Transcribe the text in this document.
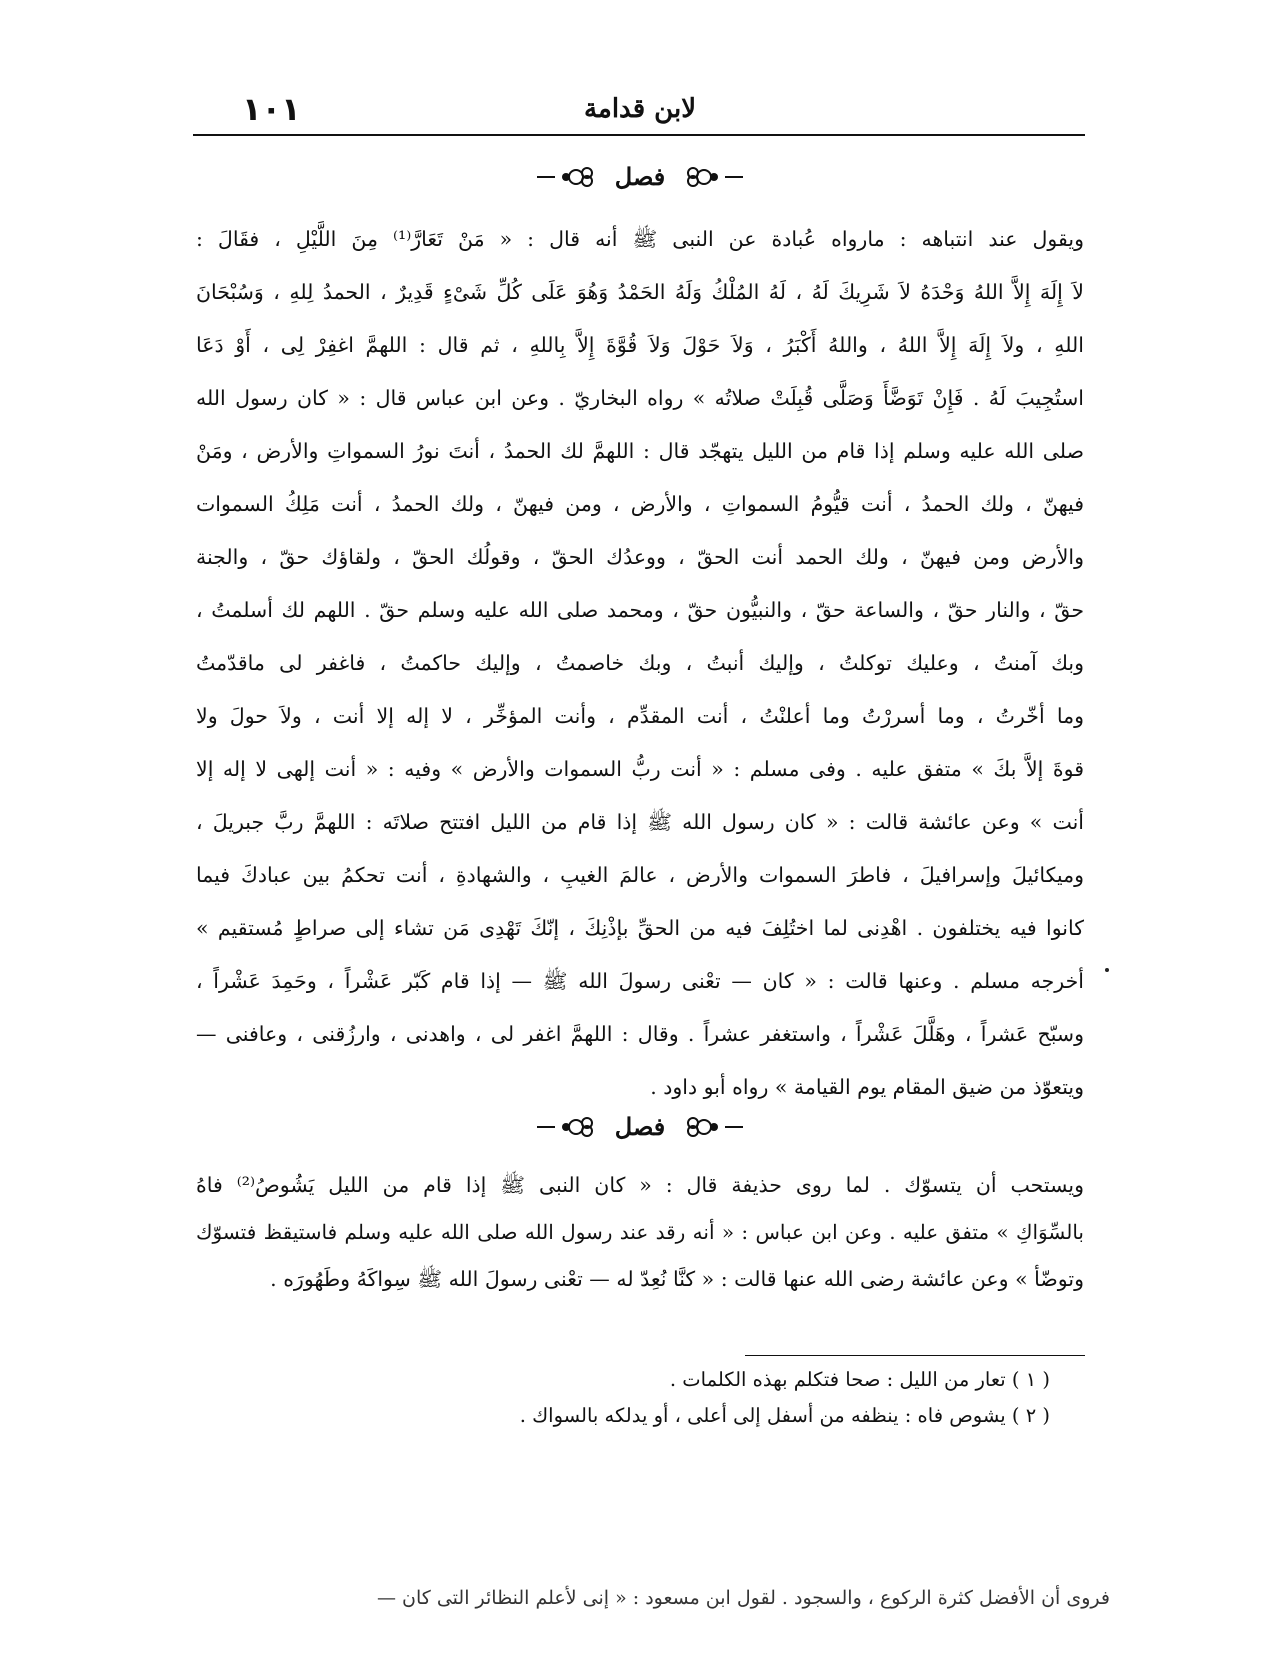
١٠١	لابن قدامة
فصل
ويقول عند انتباهه : مارواه عُبادة عن النبى ﷺ أنه قال : « مَنْ تَعَارَّ⁽¹⁾ مِنَ اللَّيْلِ ، فقَالَ :
لاَ إِلَهَ إِلاَّ اللهُ وَحْدَهُ لاَ شَرِيكَ لَهُ ، لَهُ المُلْكُ وَلَهُ الحَمْدُ وَهُوَ عَلَى كُلِّ شَىْءٍ قَدِيرٌ ، الحمدُ لِلهِ ، وَسُبْحَانَ
اللهِ ، ولاَ إِلَهَ إِلاَّ اللهُ ، واللهُ أَكْبَرُ ، وَلاَ حَوْلَ وَلاَ قُوَّةَ إِلاَّ بِاللهِ ، ثم قال : اللهمَّ اغفِرْ لِى ، أَوْ دَعَا
استُجِيبَ لَهُ . فَإِنْ تَوَضَّأَ وَصَلَّى قُبِلَتْ صلاتُه » رواه البخاريّ . وعن ابن عباس قال : « كان رسول الله
صلى الله عليه وسلم إذا قام من الليل يتهجّد قال : اللهمَّ لك الحمدُ ، أنتَ نورُ السمواتِ والأرض ، ومَنْ
فيهنّ ، ولك الحمدُ ، أنت قيُّومُ السمواتِ ، والأرض ، ومن فيهنّ ، ولك الحمدُ ، أنت مَلِكُ السموات
والأرض ومن فيهنّ ، ولك الحمد أنت الحقّ ، ووعدُك الحقّ ، وقولُك الحقّ ، ولقاؤك حقّ ، والجنة
حقّ ، والنار حقّ ، والساعة حقّ ، والنبيُّون حقّ ، ومحمد صلى الله عليه وسلم حقّ . اللهم لك أسلمتُ ،
وبك آمنتُ ، وعليك توكلتُ ، وإليك أنبتُ ، وبك خاصمتُ ، وإليك حاكمتُ ، فاغفر لى ماقدّمتُ
وما أخّرتُ ، وما أسررْتُ وما أعلنْتُ ، أنت المقدِّم ، وأنت المؤخِّر ، لا إله إلا أنت ، ولاَ حولَ ولا
قوةَ إلاَّ بكَ » متفق عليه . وفى مسلم : « أنت ربُّ السموات والأرض » وفيه : « أنت إلهى لا إله إلا
أنت » وعن عائشة قالت : « كان رسول الله ﷺ إذا قام من الليل افتتح صلاتَه : اللهمَّ ربَّ جبريلَ ،
وميكائيلَ وإسرافيلَ ، فاطرَ السموات والأرض ، عالمَ الغيبِ ، والشهادةِ ، أنت تحكمُ بين عبادكَ فيما
كانوا فيه يختلفون . اهْدِنى لما اختُلِفَ فيه من الحقِّ بإذْنِكَ ، إنّكَ تَهْدِى مَن تشاء إلى صراطٍ مُستقيم »
أخرجه مسلم . وعنها قالت : « كان — تعْنى رسولَ الله ﷺ — إذا قام كَبّر عَشْراً ، وحَمِدَ عَشْراً ،
وسبّح عَشراً ، وهَلَّلَ عَشْراً ، واستغفر عشراً . وقال : اللهمَّ اغفر لى ، واهدنى ، وارزُقنى ، وعافنى —
ويتعوّذ من ضيق المقام يوم القيامة » رواه أبو داود .
فصل
ويستحب أن يتسوّك . لما روى حذيفة قال : « كان النبى ﷺ إذا قام من الليل يَشُوصُ⁽²⁾ فاهُ
بالسِّوَاكِ » متفق عليه . وعن ابن عباس : « أنه رقد عند رسول الله صلى الله عليه وسلم فاستيقظ فتسوّك
وتوضّأ » وعن عائشة رضى الله عنها قالت : « كنَّا نُعِدّ له — تعْنى رسولَ الله ﷺ سِواكَهُ وطَهُورَه .
( ١ ) تعار من الليل : صحا فتكلم بهذه الكلمات .
( ٢ ) يشوص فاه : ينظفه من أسفل إلى أعلى ، أو يدلكه بالسواك .
فروى أن الأفضل كثرة الركوع ، والسجود . لقول ابن مسعود : « إنى لأعلم النظائر التى كان —
